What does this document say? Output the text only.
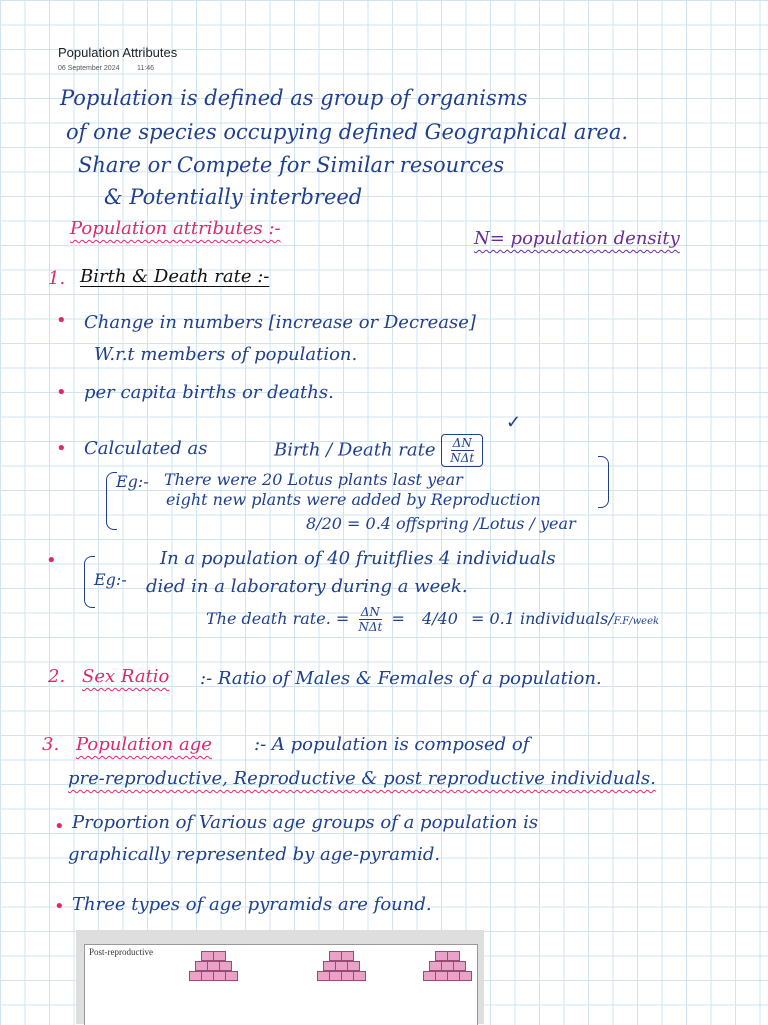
Population Attributes
06 September 2024	11:46
Population is defined as group of organisms
of one species occupying defined Geographical area.
Share or Compete for Similar resources
& Potentially interbreed
Population attributes :-	N= population density
1. Birth & Death rate :-
• Change in numbers [increase or Decrease]
W.r.t members of population.
• per capita births or deaths.
• Calculated as	Birth / Death rate $\frac{\Delta N}{\text{NΔt}}$
✓
Eg:- There were 20 Lotus plants last year
eight new plants were added by Reproduction
8/20 = 0.4 offspring /Lotus / year
•
Eg:-
In a population of 40 fruitflies 4 individuals
died in a laboratory during a week.
The death rate. = $\frac{\Delta N}{\text{NΔt}} = 4/40 = 0.1$ individuals/F.F/week
2. Sex Ratio :- Ratio of Males & Females of a population.
3. Population age :- A population is composed of
pre-reproductive, Reproductive & post reproductive individuals.
• Proportion of Various age groups of a population is
graphically represented by age-pyramid.
• Three types of age pyramids are found.
Post-reproductive
